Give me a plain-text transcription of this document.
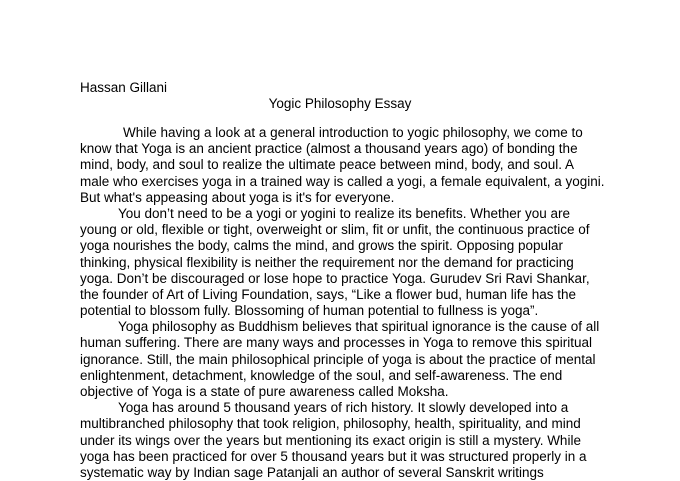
Hassan Gillani

Yogic Philosophy Essay

While having a look at a general introduction to yogic philosophy, we come to
know that Yoga is an ancient practice (almost a thousand years ago) of bonding the
mind, body, and soul to realize the ultimate peace between mind, body, and soul. A
male who exercises yoga in a trained way is called a yogi, a female equivalent, a yogini.
But what's appeasing about yoga is it's for everyone.
You don’t need to be a yogi or yogini to realize its benefits. Whether you are
young or old, flexible or tight, overweight or slim, fit or unfit, the continuous practice of
yoga nourishes the body, calms the mind, and grows the spirit. Opposing popular
thinking, physical flexibility is neither the requirement nor the demand for practicing
yoga. Don’t be discouraged or lose hope to practice Yoga. Gurudev Sri Ravi Shankar,
the founder of Art of Living Foundation, says, “Like a flower bud, human life has the
potential to blossom fully. Blossoming of human potential to fullness is yoga”.
Yoga philosophy as Buddhism believes that spiritual ignorance is the cause of all
human suffering. There are many ways and processes in Yoga to remove this spiritual
ignorance. Still, the main philosophical principle of yoga is about the practice of mental
enlightenment, detachment, knowledge of the soul, and self-awareness. The end
objective of Yoga is a state of pure awareness called Moksha.
Yoga has around 5 thousand years of rich history. It slowly developed into a
multibranched philosophy that took religion, philosophy, health, spirituality, and mind
under its wings over the years but mentioning its exact origin is still a mystery. While
yoga has been practiced for over 5 thousand years but it was structured properly in a
systematic way by Indian sage Patanjali an author of several Sanskrit writings
